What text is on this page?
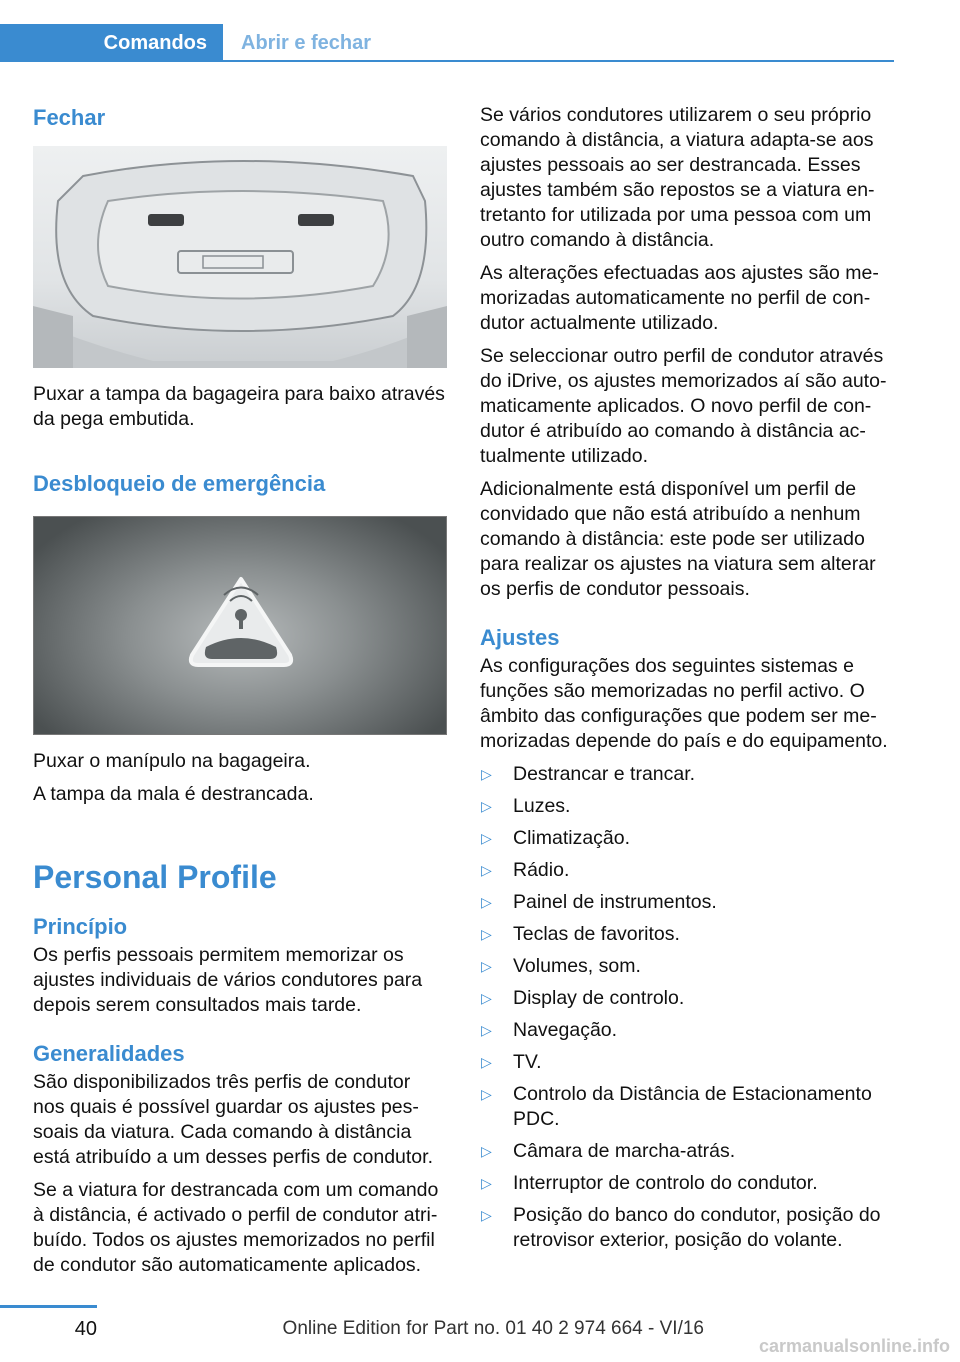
Comandos	Abrir e fechar
Fechar

Puxar a tampa da bagageira para baixo através da pega embutida.

Desbloqueio de emergência

Puxar o manípulo na bagageira.

A tampa da mala é destrancada.

Personal Profile
Princípio

Os perfis pessoais permitem memorizar os ajustes individuais de vários condutores para depois serem consultados mais tarde.

Generalidades

São disponibilizados três perfis de condutor nos quais é possível guardar os ajustes pessoais da viatura. Cada comando à distância está atribuído a um desses perfis de condutor.

Se a viatura for destrancada com um comando à distância, é activado o perfil de condutor atribuído. Todos os ajustes memorizados no perfil de condutor são automaticamente aplicados.

Se vários condutores utilizarem o seu próprio comando à distância, a viatura adapta-se aos ajustes pessoais ao ser destrancada. Esses ajustes também são repostos se a viatura entretanto for utilizada por uma pessoa com um outro comando à distância.

As alterações efectuadas aos ajustes são memorizadas automaticamente no perfil de condutor actualmente utilizado.

Se seleccionar outro perfil de condutor através do iDrive, os ajustes memorizados aí são automaticamente aplicados. O novo perfil de condutor é atribuído ao comando à distância actualmente utilizado.

Adicionalmente está disponível um perfil de convidado que não está atribuído a nenhum comando à distância: este pode ser utilizado para realizar os ajustes na viatura sem alterar os perfis de condutor pessoais.

Ajustes

As configurações dos seguintes sistemas e funções são memorizadas no perfil activo. O âmbito das configurações que podem ser memorizadas depende do país e do equipamento.

▷ Destrancar e trancar.
▷ Luzes.
▷ Climatização.
▷ Rádio.
▷ Painel de instrumentos.
▷ Teclas de favoritos.
▷ Volumes, som.
▷ Display de controlo.
▷ Navegação.
▷ TV.
▷ Controlo da Distância de Estacionamento PDC.
▷ Câmara de marcha-atrás.
▷ Interruptor de controlo do condutor.
▷ Posição do banco do condutor, posição do retrovisor exterior, posição do volante.
40	Online Edition for Part no. 01 40 2 974 664 - VI/16
carmanualsonline.info
